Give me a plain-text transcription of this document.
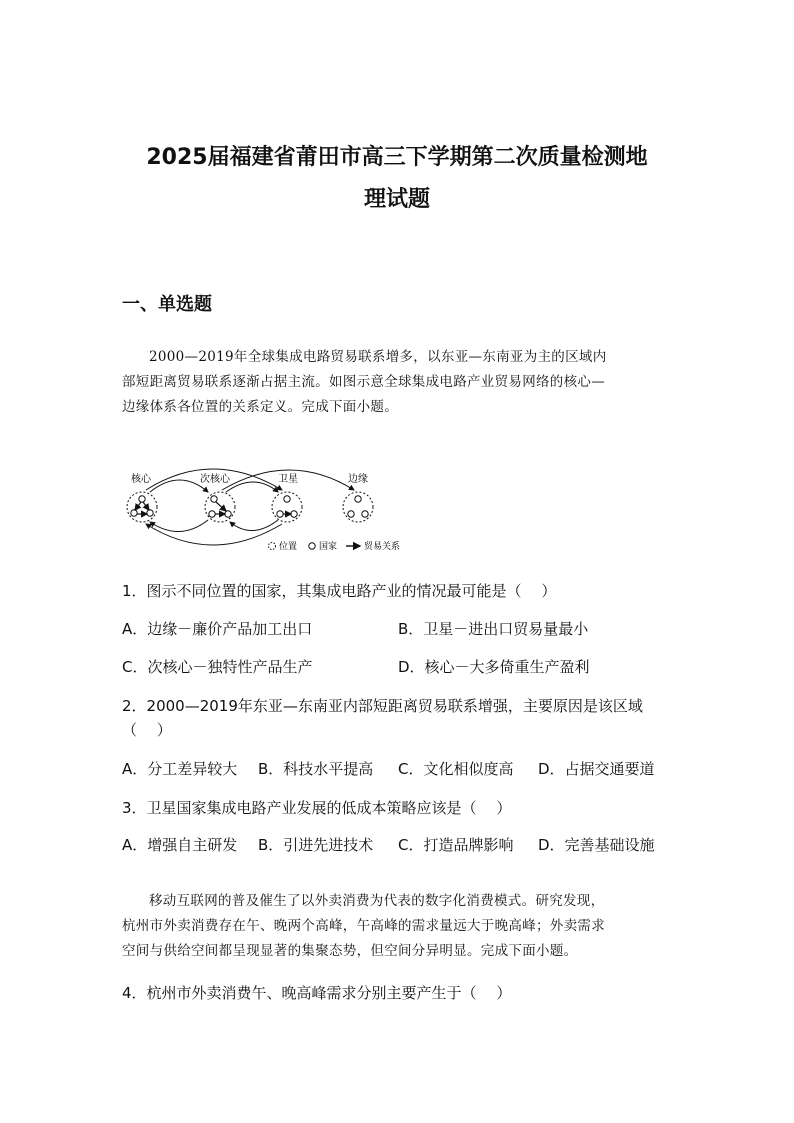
2025届福建省莆田市高三下学期第二次质量检测地
理试题
一、单选题
2000—2019年全球集成电路贸易联系增多，以东亚—东南亚为主的区域内
部短距离贸易联系逐渐占据主流。如图示意全球集成电路产业贸易网络的核心—
边缘体系各位置的关系定义。完成下面小题。
核心	次核心	卫星	边缘
位置 国家	贸易关系
1．图示不同位置的国家，其集成电路产业的情况最可能是（　 ）
A．边缘－廉价产品加工出口	B．卫星－进出口贸易量最小
C．次核心－独特性产品生产	D．核心－大多倚重生产盈利
2．2000—2019年东亚—东南亚内部短距离贸易联系增强，主要原因是该区域
（　 ）
A．分工差异较大 B．科技水平提高 C．文化相似度高 D．占据交通要道
3．卫星国家集成电路产业发展的低成本策略应该是（　 ）
A．增强自主研发 B．引进先进技术 C．打造品牌影响 D．完善基础设施
移动互联网的普及催生了以外卖消费为代表的数字化消费模式。研究发现，
杭州市外卖消费存在午、晚两个高峰，午高峰的需求量远大于晚高峰；外卖需求
空间与供给空间都呈现显著的集聚态势，但空间分异明显。完成下面小题。
4．杭州市外卖消费午、晚高峰需求分别主要产生于（　 ）
